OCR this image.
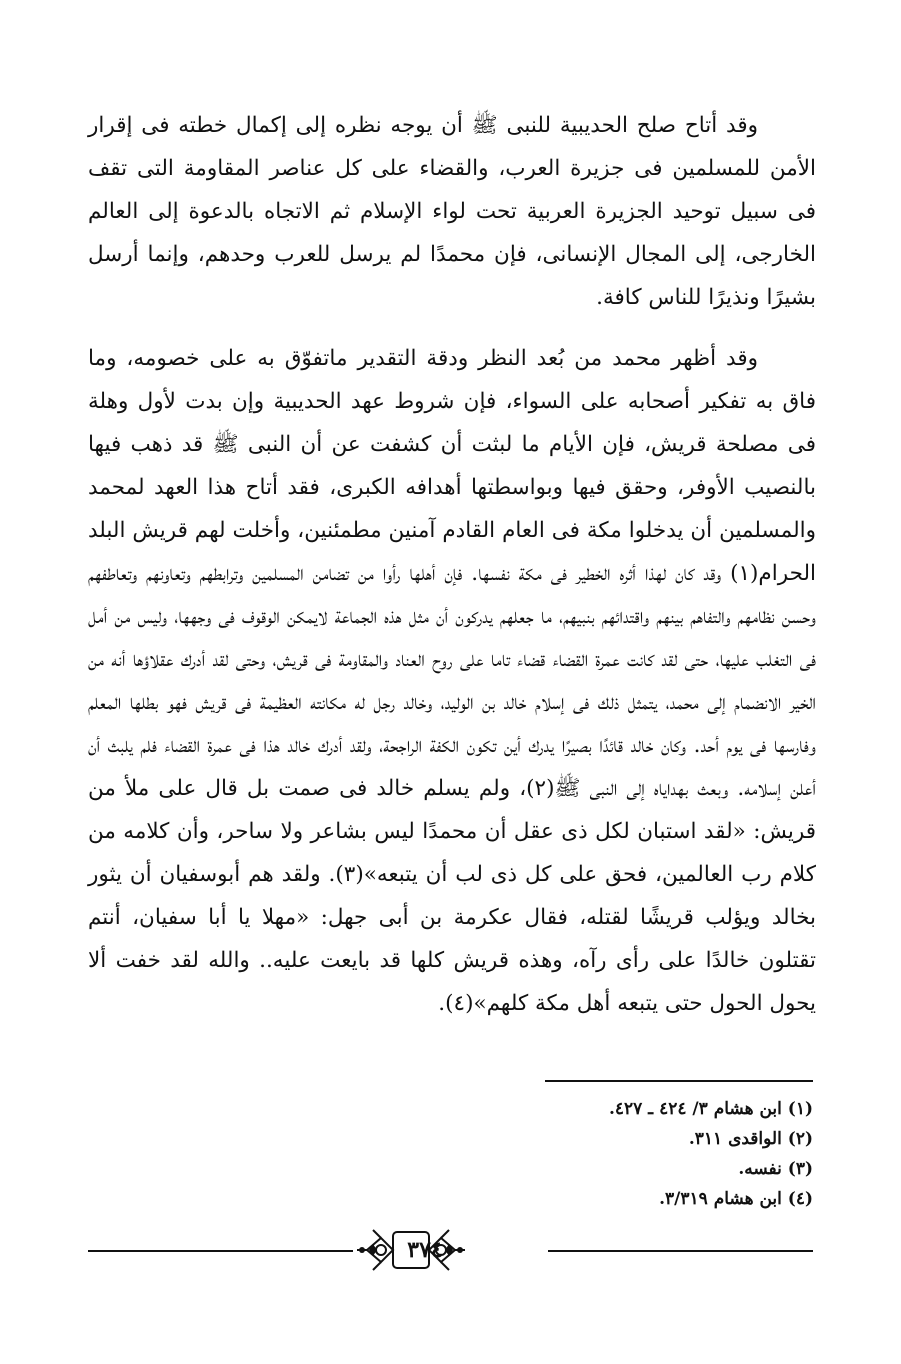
وقد أتاح صلح الحديبية للنبى ﷺ أن يوجه نظره إلى إكمال خطته فى إقرار الأمن للمسلمين فى جزيرة العرب، والقضاء على كل عناصر المقاومة التى تقف فى سبيل توحيد الجزيرة العربية تحت لواء الإسلام ثم الاتجاه بالدعوة إلى العالم الخارجى، إلى المجال الإنسانى، فإن محمدًا لم يرسل للعرب وحدهم، وإنما أرسل بشيرًا ونذيرًا للناس كافة.

وقد أظهر محمد من بُعد النظر ودقة التقدير ماتفوّق به على خصومه، وما فاق به تفكير أصحابه على السواء، فإن شروط عهد الحديبية وإن بدت لأول وهلة فى مصلحة قريش، فإن الأيام ما لبثت أن كشفت عن أن النبى ﷺ قد ذهب فيها بالنصيب الأوفر، وحقق فيها وبواسطتها أهدافه الكبرى، فقد أتاح هذا العهد لمحمد والمسلمين أن يدخلوا مكة فى العام القادم آمنين مطمئنين، وأخلت لهم قريش البلد الحرام(١) وقد كان لهذا أثره الخطير فى مكة نفسها. فإن أهلها رأوا من تضامن المسلمين وترابطهم وتعاونهم وتعاطفهم وحسن نظامهم والتفاهم بينهم واقتدائهم بنبيهم، ما جعلهم يدركون أن مثل هذه الجماعة لايمكن الوقوف فى وجهها، وليس من أمل فى التغلب عليها، حتى لقد كانت عمرة القضاء قضاء تاما على روح العناد والمقاومة فى قريش، وحتى لقد أدرك عقلاؤها أنه من الخير الانضمام إلى محمد، يتمثل ذلك فى إسلام خالد بن الوليد، وخالد رجل له مكانته العظيمة فى قريش فهو بطلها المعلم وفارسها فى يوم أحد. وكان خالد قائدًا بصيرًا يدرك أين تكون الكفة الراجحة، ولقد أدرك خالد هذا فى عمرة القضاء فلم يلبث أن أعلن إسلامه. وبعث بهداياه إلى النبى ﷺ(٢)، ولم يسلم خالد فى صمت بل قال على ملأ من قريش: «لقد استبان لكل ذى عقل أن محمدًا ليس بشاعر ولا ساحر، وأن كلامه من كلام رب العالمين، فحق على كل ذى لب أن يتبعه»(٣). ولقد هم أبوسفيان أن يثور بخالد ويؤلب قريشًا لقتله، فقال عكرمة بن أبى جهل: «مهلا يا أبا سفيان، أنتم تقتلون خالدًا على رأى رآه، وهذه قريش كلها قد بايعت عليه.. والله لقد خفت ألا يحول الحول حتى يتبعه أهل مكة كلهم»(٤).

(١) ابن هشام ٣/ ٤٢٤ ـ ٤٢٧.
(٢) الواقدى ٣١١.
(٣) نفسه.
(٤) ابن هشام ٣/٣١٩.
٣٧٤
